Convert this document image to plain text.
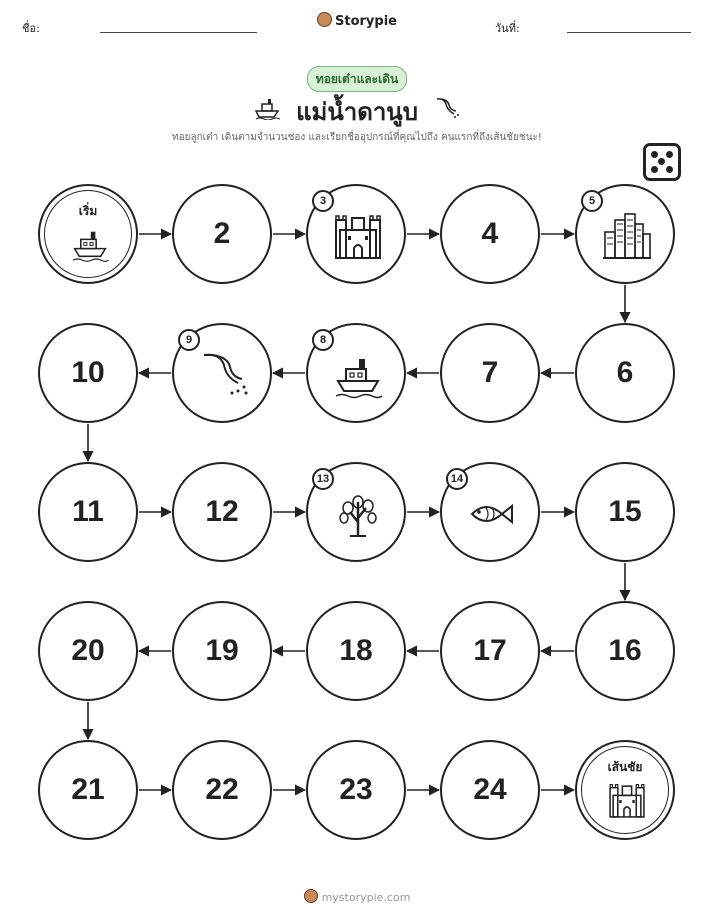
ชื่อ:	Storypie	วันที่:
ทอยเต๋าและเดิน
แม่น้ำดานูบ
ทอยลูกเต๋า เดินตามจำนวนช่อง และเรียกชื่ออุปกรณ์ที่คุณไปถึง คนแรกที่ถึงเส้นชัยชนะ!
เริ่ม
2
3
4
5
6
7
8
9
10
11	12
13	14
15
16
17
18
19
20
21	22	23	24
เส้นชัย
mystorypie.com
